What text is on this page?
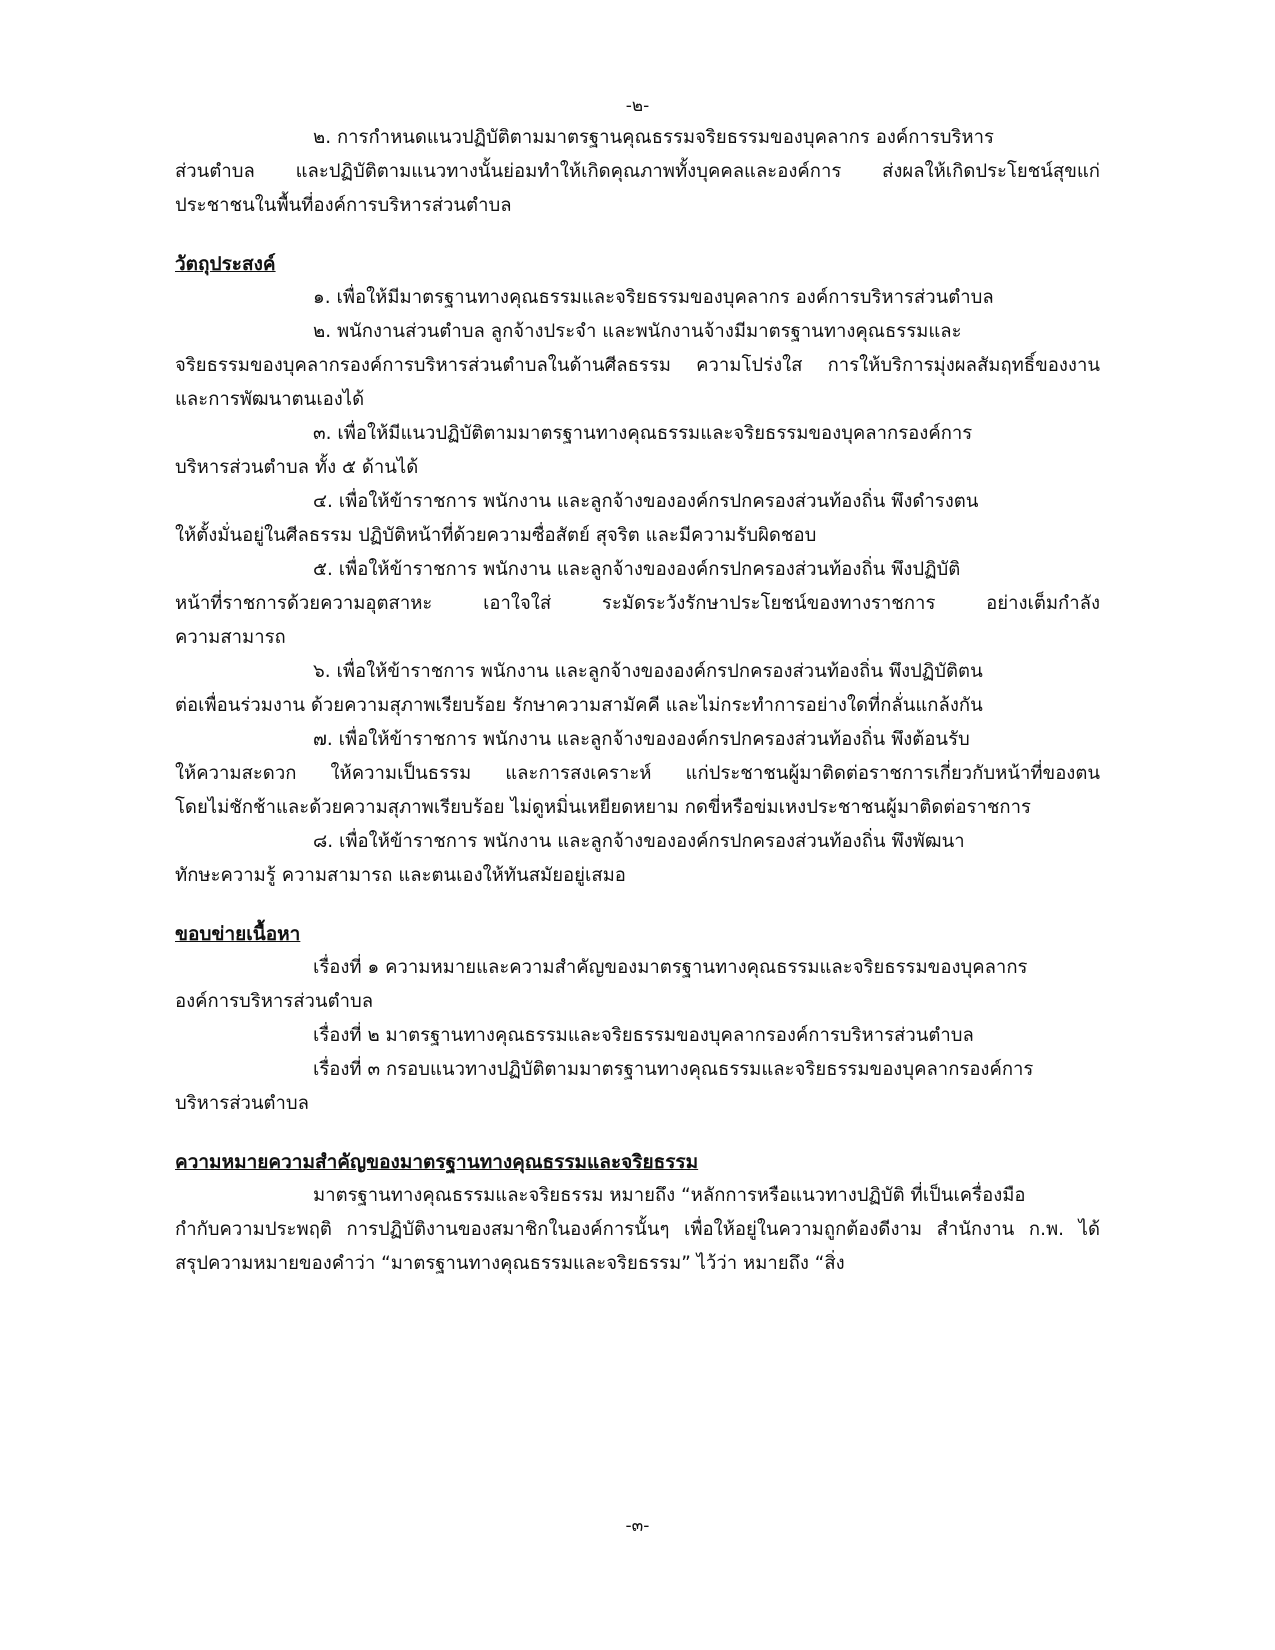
-๒-
๒. การกำหนดแนวปฏิบัติตามมาตรฐานคุณธรรมจริยธรรมของบุคลากร องค์การบริหาร
ส่วนตำบล และปฏิบัติตามแนวทางนั้นย่อมทำให้เกิดคุณภาพทั้งบุคคลและองค์การ ส่งผลให้เกิดประโยชน์สุขแก่
ประชาชนในพื้นที่องค์การบริหารส่วนตำบล
วัตถุประสงค์
๑. เพื่อให้มีมาตรฐานทางคุณธรรมและจริยธรรมของบุคลากร องค์การบริหารส่วนตำบล
๒. พนักงานส่วนตำบล ลูกจ้างประจำ และพนักงานจ้างมีมาตรฐานทางคุณธรรมและ
จริยธรรมของบุคลากรองค์การบริหารส่วนตำบลในด้านศีลธรรม ความโปร่งใส การให้บริการมุ่งผลสัมฤทธิ์ของงาน
และการพัฒนาตนเองได้
๓. เพื่อให้มีแนวปฏิบัติตามมาตรฐานทางคุณธรรมและจริยธรรมของบุคลากรองค์การ
บริหารส่วนตำบล ทั้ง ๕ ด้านได้
๔. เพื่อให้ข้าราชการ พนักงาน และลูกจ้างขององค์กรปกครองส่วนท้องถิ่น พึงดำรงตน
ให้ตั้งมั่นอยู่ในศีลธรรม ปฏิบัติหน้าที่ด้วยความซื่อสัตย์ สุจริต และมีความรับผิดชอบ
๕. เพื่อให้ข้าราชการ พนักงาน และลูกจ้างขององค์กรปกครองส่วนท้องถิ่น พึงปฏิบัติ
หน้าที่ราชการด้วยความอุตสาหะ เอาใจใส่ ระมัดระวังรักษาประโยชน์ของทางราชการ อย่างเต็มกำลัง
ความสามารถ
๖. เพื่อให้ข้าราชการ พนักงาน และลูกจ้างขององค์กรปกครองส่วนท้องถิ่น พึงปฏิบัติตน
ต่อเพื่อนร่วมงาน ด้วยความสุภาพเรียบร้อย รักษาความสามัคคี และไม่กระทำการอย่างใดที่กลั่นแกล้งกัน
๗. เพื่อให้ข้าราชการ พนักงาน และลูกจ้างขององค์กรปกครองส่วนท้องถิ่น พึงต้อนรับ
ให้ความสะดวก ให้ความเป็นธรรม และการสงเคราะห์ แก่ประชาชนผู้มาติดต่อราชการเกี่ยวกับหน้าที่ของตน
โดยไม่ชักช้าและด้วยความสุภาพเรียบร้อย ไม่ดูหมิ่นเหยียดหยาม กดขี่หรือข่มเหงประชาชนผู้มาติดต่อราชการ
๘. เพื่อให้ข้าราชการ พนักงาน และลูกจ้างขององค์กรปกครองส่วนท้องถิ่น พึงพัฒนา
ทักษะความรู้ ความสามารถ และตนเองให้ทันสมัยอยู่เสมอ
ขอบข่ายเนื้อหา
เรื่องที่ ๑ ความหมายและความสำคัญของมาตรฐานทางคุณธรรมและจริยธรรมของบุคลากร
องค์การบริหารส่วนตำบล
เรื่องที่ ๒ มาตรฐานทางคุณธรรมและจริยธรรมของบุคลากรองค์การบริหารส่วนตำบล
เรื่องที่ ๓ กรอบแนวทางปฏิบัติตามมาตรฐานทางคุณธรรมและจริยธรรมของบุคลากรองค์การ
บริหารส่วนตำบล
ความหมายความสำคัญของมาตรฐานทางคุณธรรมและจริยธรรม
มาตรฐานทางคุณธรรมและจริยธรรม หมายถึง “หลักการหรือแนวทางปฏิบัติ ที่เป็นเครื่องมือ
กำกับความประพฤติ การปฏิบัติงานของสมาชิกในองค์การนั้นๆ เพื่อให้อยู่ในความถูกต้องดีงาม สำนักงาน ก.พ. ได้
สรุปความหมายของคำว่า “มาตรฐานทางคุณธรรมและจริยธรรม” ไว้ว่า หมายถึง “สิ่ง
-๓-
